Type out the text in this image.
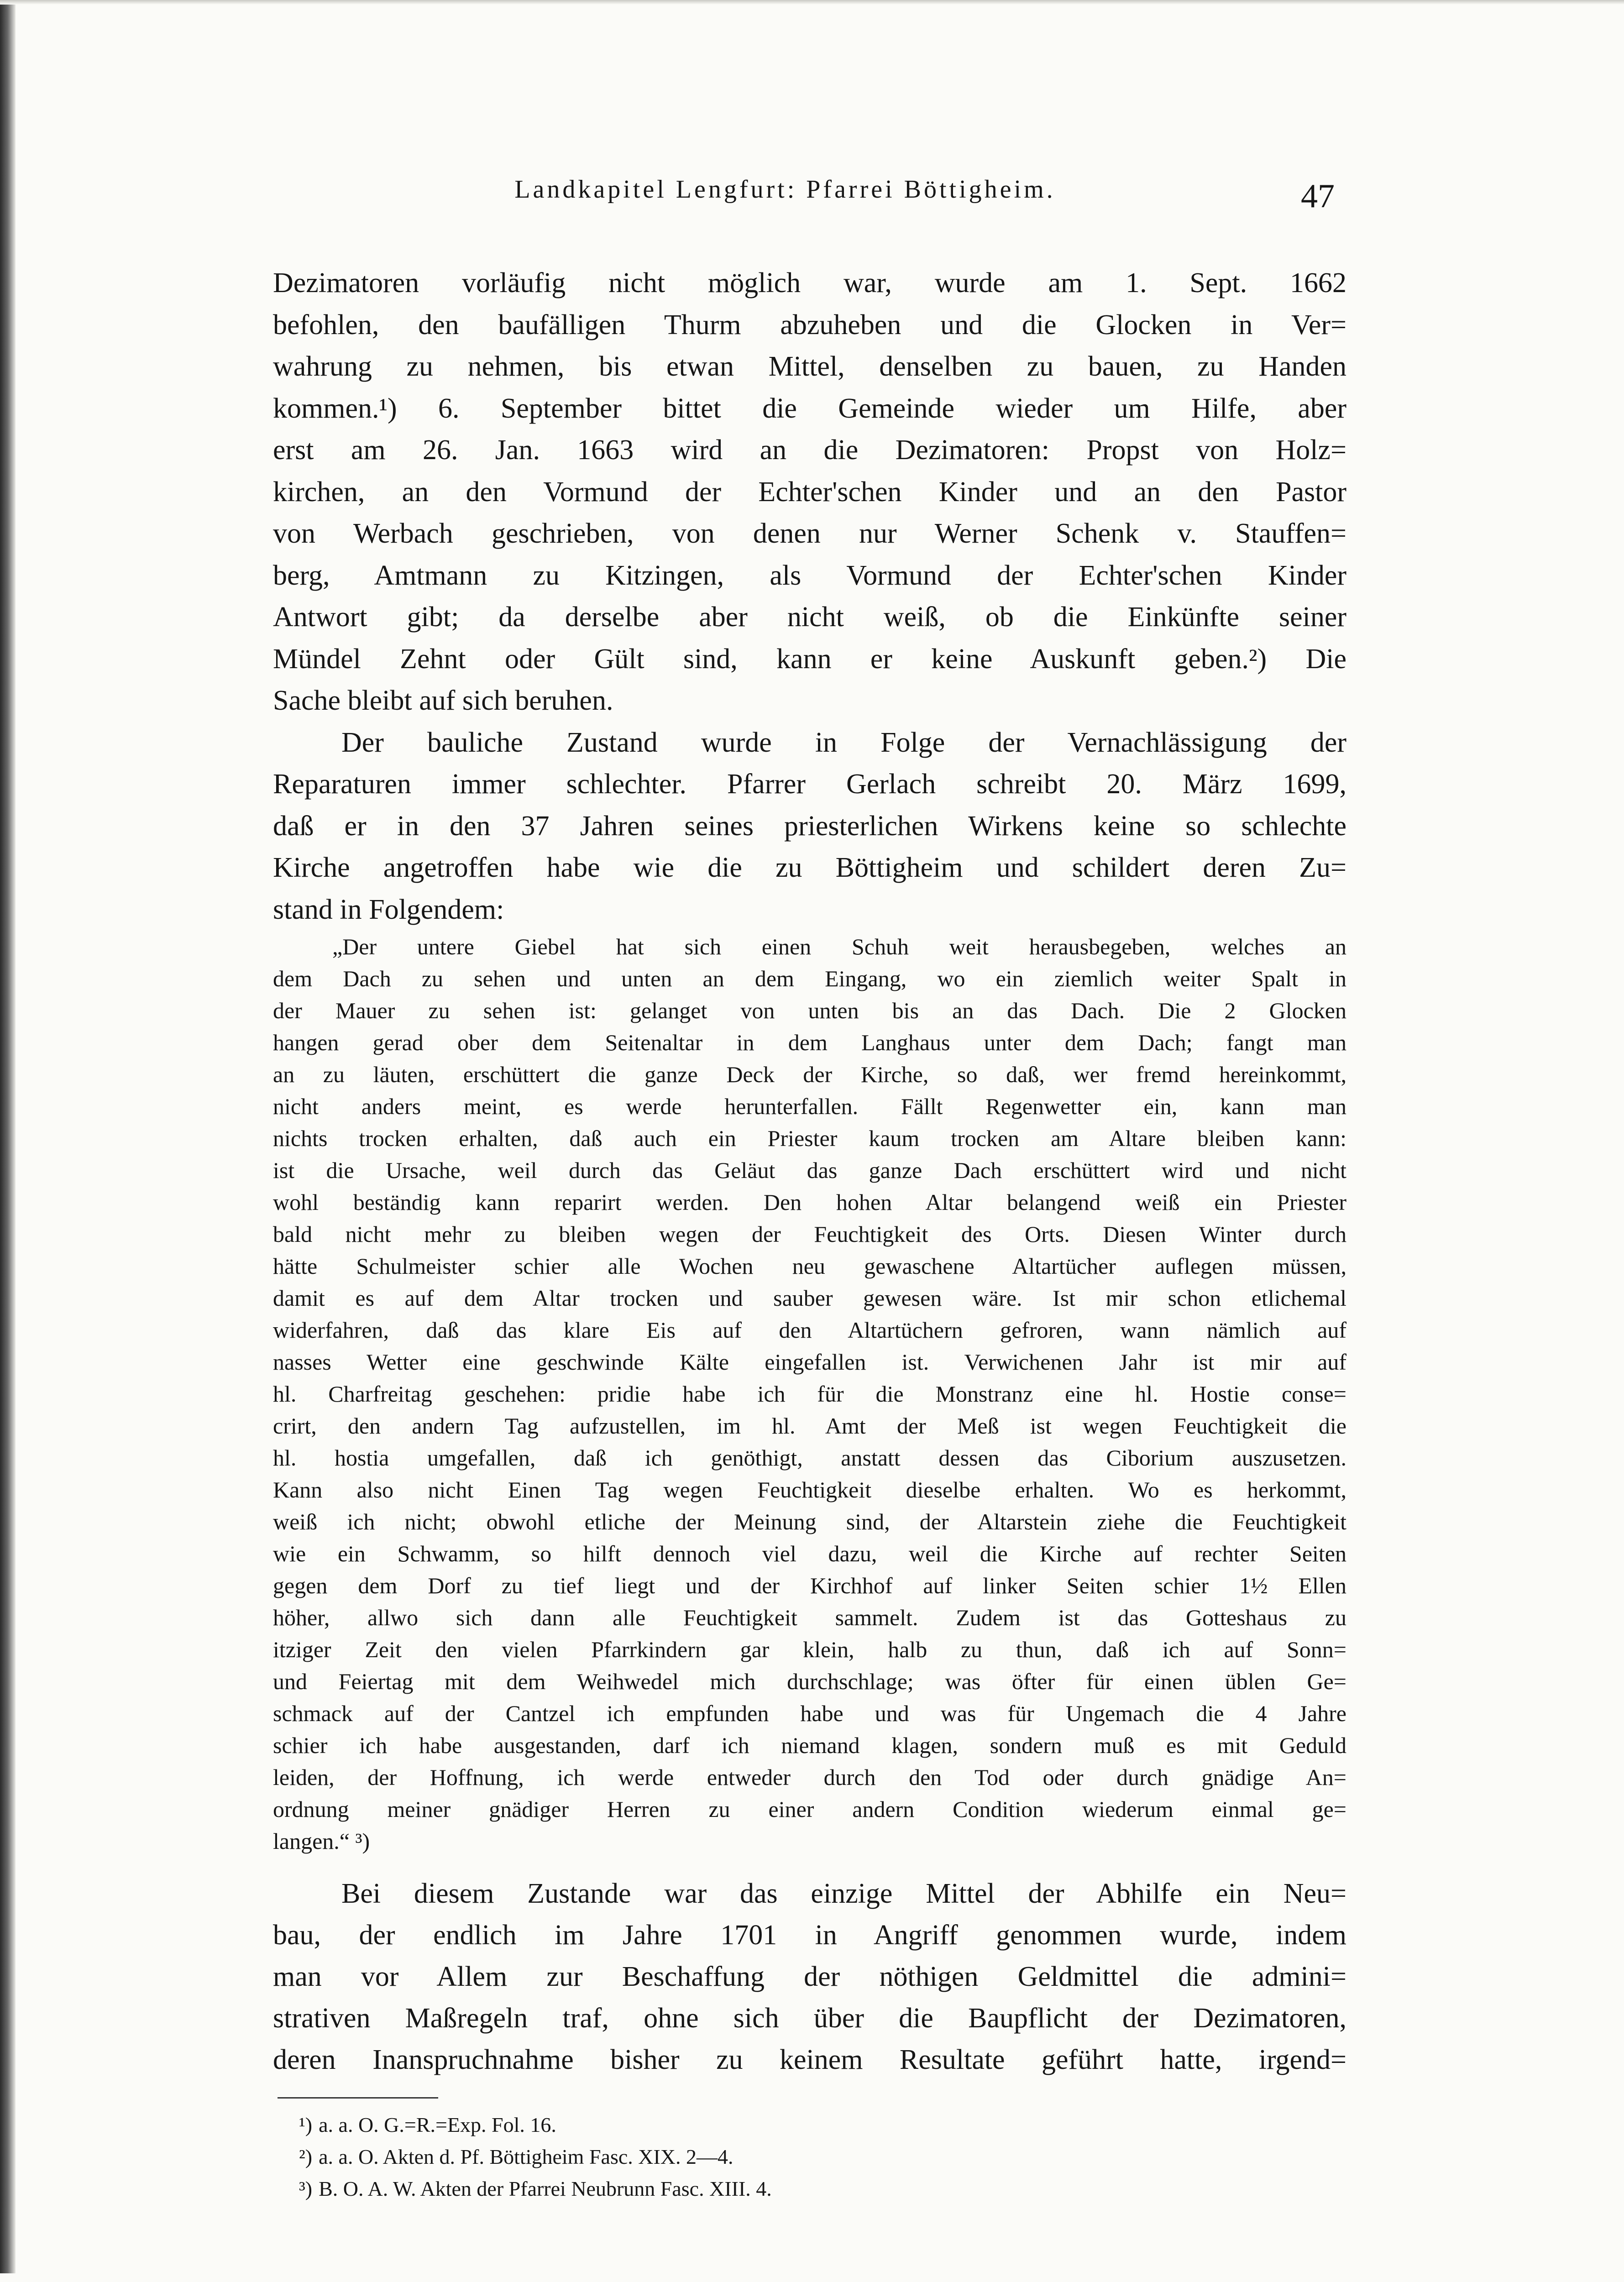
Landkapitel Lengfurt: Pfarrei Böttigheim.	47
Dezimatoren vorläufig nicht möglich war, wurde am 1. Sept. 1662
befohlen, den baufälligen Thurm abzuheben und die Glocken in Ver=
wahrung zu nehmen, bis etwan Mittel, denselben zu bauen, zu Handen
kommen.¹) 6. September bittet die Gemeinde wieder um Hilfe, aber
erst am 26. Jan. 1663 wird an die Dezimatoren: Propst von Holz=
kirchen, an den Vormund der Echter'schen Kinder und an den Pastor
von Werbach geschrieben, von denen nur Werner Schenk v. Stauffen=
berg, Amtmann zu Kitzingen, als Vormund der Echter'schen Kinder
Antwort gibt; da derselbe aber nicht weiß, ob die Einkünfte seiner
Mündel Zehnt oder Gült sind, kann er keine Auskunft geben.²) Die
Sache bleibt auf sich beruhen.
Der bauliche Zustand wurde in Folge der Vernachlässigung der
Reparaturen immer schlechter. Pfarrer Gerlach schreibt 20. März 1699,
daß er in den 37 Jahren seines priesterlichen Wirkens keine so schlechte
Kirche angetroffen habe wie die zu Böttigheim und schildert deren Zu=
stand in Folgendem:
„Der untere Giebel hat sich einen Schuh weit herausbegeben, welches an
dem Dach zu sehen und unten an dem Eingang, wo ein ziemlich weiter Spalt in
der Mauer zu sehen ist: gelanget von unten bis an das Dach. Die 2 Glocken
hangen gerad ober dem Seitenaltar in dem Langhaus unter dem Dach; fangt man
an zu läuten, erschüttert die ganze Deck der Kirche, so daß, wer fremd hereinkommt,
nicht anders meint, es werde herunterfallen. Fällt Regenwetter ein, kann man
nichts trocken erhalten, daß auch ein Priester kaum trocken am Altare bleiben kann:
ist die Ursache, weil durch das Geläut das ganze Dach erschüttert wird und nicht
wohl beständig kann reparirt werden. Den hohen Altar belangend weiß ein Priester
bald nicht mehr zu bleiben wegen der Feuchtigkeit des Orts. Diesen Winter durch
hätte Schulmeister schier alle Wochen neu gewaschene Altartücher auflegen müssen,
damit es auf dem Altar trocken und sauber gewesen wäre. Ist mir schon etlichemal
widerfahren, daß das klare Eis auf den Altartüchern gefroren, wann nämlich auf
nasses Wetter eine geschwinde Kälte eingefallen ist. Verwichenen Jahr ist mir auf
hl. Charfreitag geschehen: pridie habe ich für die Monstranz eine hl. Hostie conse=
crirt, den andern Tag aufzustellen, im hl. Amt der Meß ist wegen Feuchtigkeit die
hl. hostia umgefallen, daß ich genöthigt, anstatt dessen das Ciborium auszusetzen.
Kann also nicht Einen Tag wegen Feuchtigkeit dieselbe erhalten. Wo es herkommt,
weiß ich nicht; obwohl etliche der Meinung sind, der Altarstein ziehe die Feuchtigkeit
wie ein Schwamm, so hilft dennoch viel dazu, weil die Kirche auf rechter Seiten
gegen dem Dorf zu tief liegt und der Kirchhof auf linker Seiten schier 1½ Ellen
höher, allwo sich dann alle Feuchtigkeit sammelt. Zudem ist das Gotteshaus zu
itziger Zeit den vielen Pfarrkindern gar klein, halb zu thun, daß ich auf Sonn=
und Feiertag mit dem Weihwedel mich durchschlage; was öfter für einen üblen Ge=
schmack auf der Cantzel ich empfunden habe und was für Ungemach die 4 Jahre
schier ich habe ausgestanden, darf ich niemand klagen, sondern muß es mit Geduld
leiden, der Hoffnung, ich werde entweder durch den Tod oder durch gnädige An=
ordnung meiner gnädiger Herren zu einer andern Condition wiederum einmal ge=
langen.“ ³)
Bei diesem Zustande war das einzige Mittel der Abhilfe ein Neu=
bau, der endlich im Jahre 1701 in Angriff genommen wurde, indem
man vor Allem zur Beschaffung der nöthigen Geldmittel die admini=
strativen Maßregeln traf, ohne sich über die Baupflicht der Dezimatoren,
deren Inanspruchnahme bisher zu keinem Resultate geführt hatte, irgend=
¹) a. a. O. G.=R.=Exp. Fol. 16.
²) a. a. O. Akten d. Pf. Böttigheim Fasc. XIX. 2—4.
³) B. O. A. W. Akten der Pfarrei Neubrunn Fasc. XIII. 4.
